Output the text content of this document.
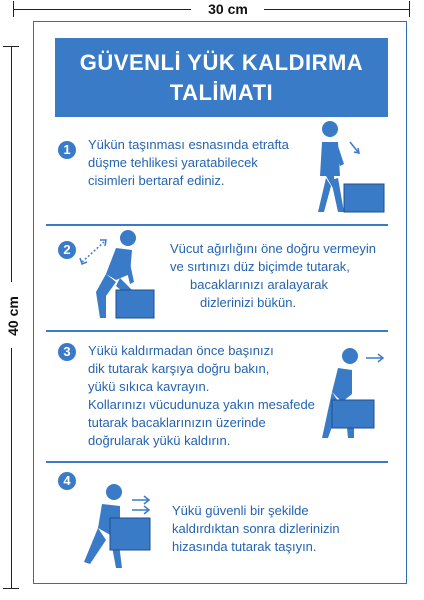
30 cm
40 cm
GÜVENLİ YÜK KALDIRMA
TALİMATI
1	Yükün taşınması esnasında etrafta
düşme tehlikesi yaratabilecek
cisimleri bertaraf ediniz.
2	Vücut ağırlığını öne doğru vermeyin
ve sırtınızı düz biçimde tutarak,
bacaklarınızı aralayarak
dizlerinizi bükün.
3	Yükü kaldırmadan önce başınızı
dik tutarak karşıya doğru bakın,
yükü sıkıca kavrayın.
Kollarınızı vücudunuza yakın mesafede
tutarak bacaklarınızın üzerinde
doğrularak yükü kaldırın.
4
Yükü güvenli bir şekilde
kaldırdıktan sonra dizlerinizin
hizasında tutarak taşıyın.
